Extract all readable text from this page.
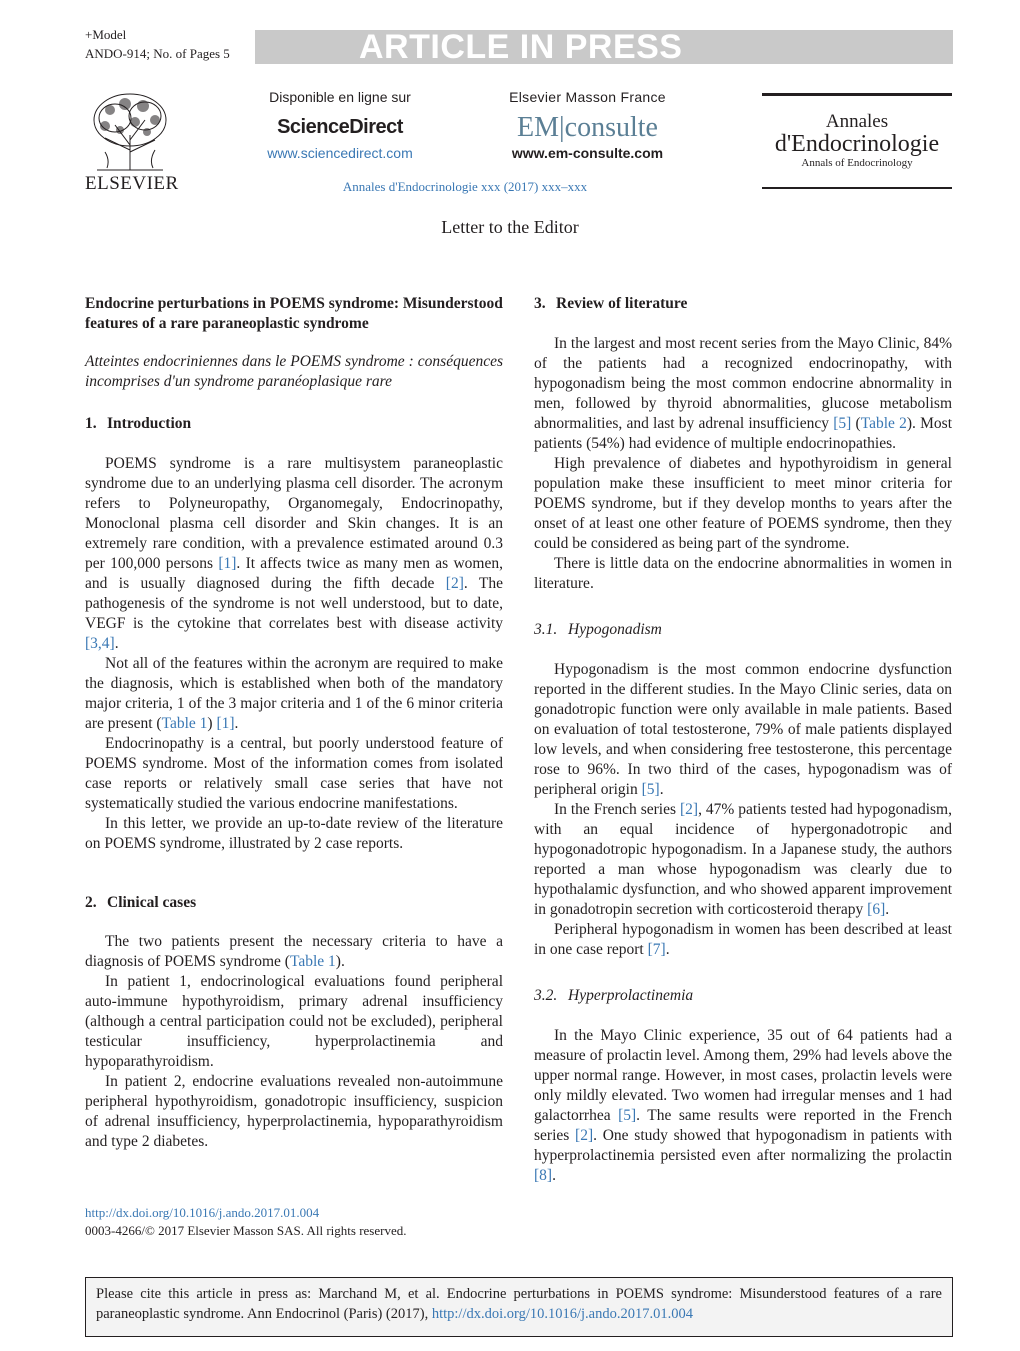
+Model
ANDO-914; No. of Pages 5	ARTICLE IN PRESS
ELSEVIER
Disponible en ligne sur
ScienceDirect
www.sciencedirect.com
Elsevier Masson France
EM|consulte
www.em-consulte.com
Annales
d'Endocrinologie
Annals of Endocrinology
Annales d'Endocrinologie xxx (2017) xxx–xxx
Letter to the Editor
Endocrine perturbations in POEMS syndrome: Misunderstood features of a rare paraneoplastic syndrome

Atteintes endocriniennes dans le POEMS syndrome : conséquences incomprises d'un syndrome paranéoplasique rare

1. Introduction

POEMS syndrome is a rare multisystem paraneoplastic syndrome due to an underlying plasma cell disorder. The acronym refers to Polyneuropathy, Organomegaly, Endocrinopathy, Monoclonal plasma cell disorder and Skin changes. It is an extremely rare condition, with a prevalence estimated around 0.3 per 100,000 persons [1]. It affects twice as many men as women, and is usually diagnosed during the fifth decade [2]. The pathogenesis of the syndrome is not well understood, but to date, VEGF is the cytokine that correlates best with disease activity [3,4].

Not all of the features within the acronym are required to make the diagnosis, which is established when both of the mandatory major criteria, 1 of the 3 major criteria and 1 of the 6 minor criteria are present (Table 1) [1].

Endocrinopathy is a central, but poorly understood feature of POEMS syndrome. Most of the information comes from isolated case reports or relatively small case series that have not systematically studied the various endocrine manifestations.

In this letter, we provide an up-to-date review of the literature on POEMS syndrome, illustrated by 2 case reports.

2. Clinical cases

The two patients present the necessary criteria to have a diagnosis of POEMS syndrome (Table 1).

In patient 1, endocrinological evaluations found peripheral auto-immune hypothyroidism, primary adrenal insufficiency (although a central participation could not be excluded), peripheral testicular insufficiency, hyperprolactinemia and hypoparathyroidism.

In patient 2, endocrine evaluations revealed non-autoimmune peripheral hypothyroidism, gonadotropic insufficiency, suspicion of adrenal insufficiency, hyperprolactinemia, hypoparathyroidism and type 2 diabetes.

3. Review of literature

In the largest and most recent series from the Mayo Clinic, 84% of the patients had a recognized endocrinopathy, with hypogonadism being the most common endocrine abnormality in men, followed by thyroid abnormalities, glucose metabolism abnormalities, and last by adrenal insufficiency [5] (Table 2). Most patients (54%) had evidence of multiple endocrinopathies.

High prevalence of diabetes and hypothyroidism in general population make these insufficient to meet minor criteria for POEMS syndrome, but if they develop months to years after the onset of at least one other feature of POEMS syndrome, then they could be considered as being part of the syndrome.

There is little data on the endocrine abnormalities in women in literature.

3.1. Hypogonadism

Hypogonadism is the most common endocrine dysfunction reported in the different studies. In the Mayo Clinic series, data on gonadotropic function were only available in male patients. Based on evaluation of total testosterone, 79% of male patients displayed low levels, and when considering free testosterone, this percentage rose to 96%. In two third of the cases, hypogonadism was of peripheral origin [5].

In the French series [2], 47% patients tested had hypogonadism, with an equal incidence of hypergonadotropic and hypogonadotropic hypogonadism. In a Japanese study, the authors reported a man whose hypogonadism was clearly due to hypothalamic dysfunction, and who showed apparent improvement in gonadotropin secretion with corticosteroid therapy [6].

Peripheral hypogonadism in women has been described at least in one case report [7].

3.2. Hyperprolactinemia

In the Mayo Clinic experience, 35 out of 64 patients had a measure of prolactin level. Among them, 29% had levels above the upper normal range. However, in most cases, prolactin levels were only mildly elevated. Two women had irregular menses and 1 had galactorrhea [5]. The same results were reported in the French series [2]. One study showed that hypogonadism in patients with hyperprolactinemia persisted even after normalizing the prolactin [8].

http://dx.doi.org/10.1016/j.ando.2017.01.004
0003-4266/© 2017 Elsevier Masson SAS. All rights reserved.
Please cite this article in press as: Marchand M, et al. Endocrine perturbations in POEMS syndrome: Misunderstood features of a rare paraneoplastic syndrome. Ann Endocrinol (Paris) (2017), http://dx.doi.org/10.1016/j.ando.2017.01.004
